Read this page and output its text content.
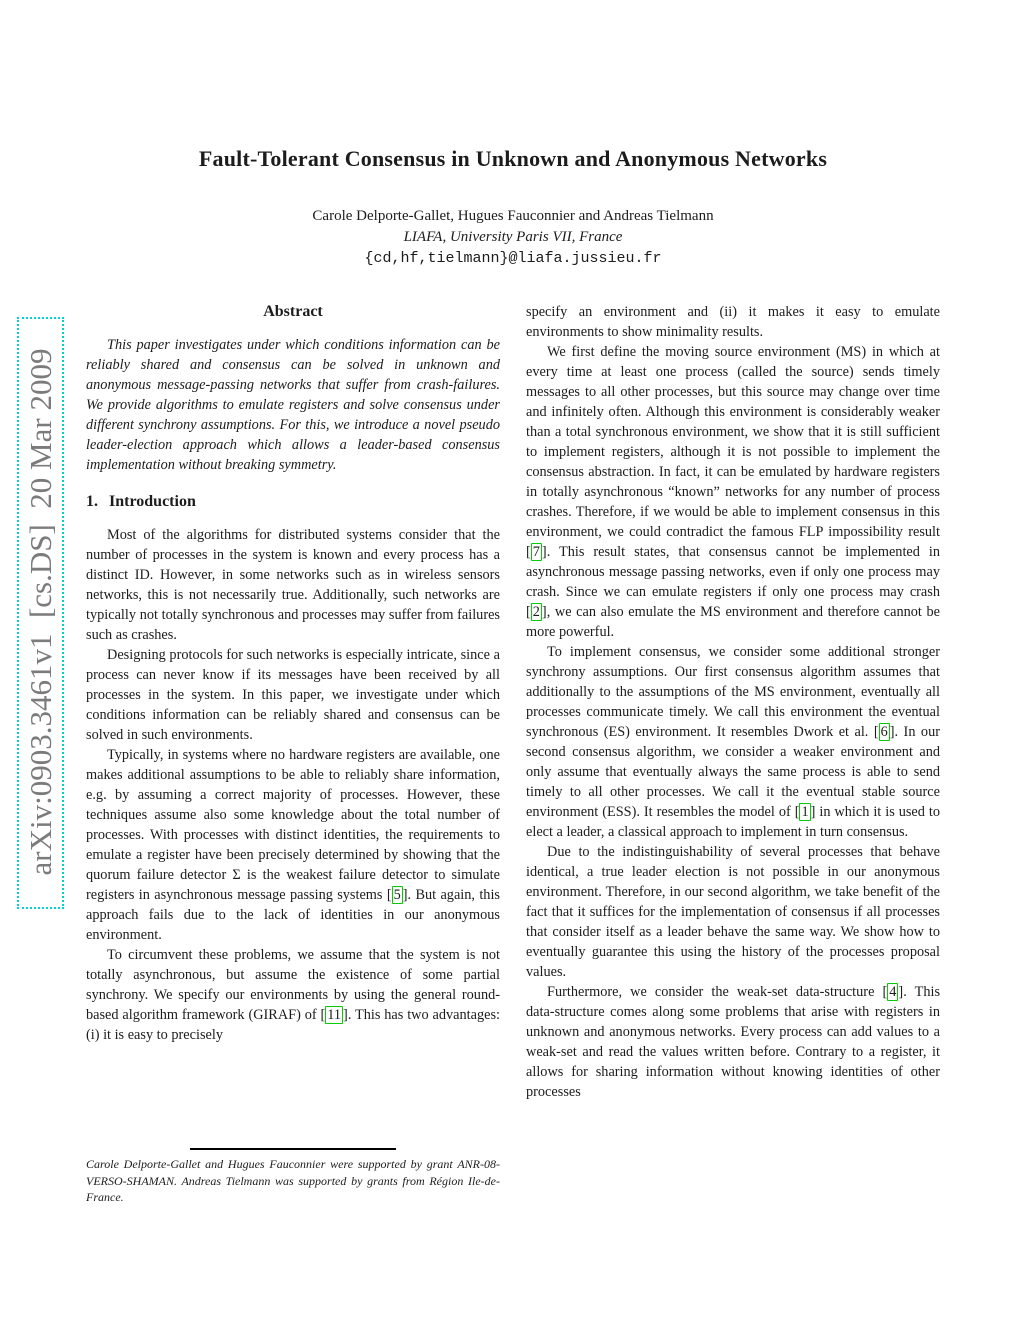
arXiv:0903.3461v1  [cs.DS]  20 Mar 2009
Fault-Tolerant Consensus in Unknown and Anonymous Networks
Carole Delporte-Gallet, Hugues Fauconnier and Andreas Tielmann
LIAFA, University Paris VII, France
{cd,hf,tielmann}@liafa.jussieu.fr
Abstract

This paper investigates under which conditions information can be reliably shared and consensus can be solved in unknown and anonymous message-passing networks that suffer from crash-failures. We provide algorithms to emulate registers and solve consensus under different synchrony assumptions. For this, we introduce a novel pseudo leader-election approach which allows a leader-based consensus implementation without breaking symmetry.

1. Introduction

Most of the algorithms for distributed systems consider that the number of processes in the system is known and every process has a distinct ID. However, in some networks such as in wireless sensors networks, this is not necessarily true. Additionally, such networks are typically not totally synchronous and processes may suffer from failures such as crashes.

Designing protocols for such networks is especially intricate, since a process can never know if its messages have been received by all processes in the system. In this paper, we investigate under which conditions information can be reliably shared and consensus can be solved in such environments.

Typically, in systems where no hardware registers are available, one makes additional assumptions to be able to reliably share information, e.g. by assuming a correct majority of processes. However, these techniques assume also some knowledge about the total number of processes. With processes with distinct identities, the requirements to emulate a register have been precisely determined by showing that the quorum failure detector Σ is the weakest failure detector to simulate registers in asynchronous message passing systems [ 5 ]. But again, this approach fails due to the lack of identities in our anonymous environment.

To circumvent these problems, we assume that the system is not totally asynchronous, but assume the existence of some partial synchrony. We specify our environments by using the general round-based algorithm framework (GIRAF) of [ 11 ]. This has two advantages: (i) it is easy to precisely

Carole Delporte-Gallet and Hugues Fauconnier were supported by grant ANR-08-VERSO-SHAMAN. Andreas Tielmann was supported by grants from Région Ile-de-France.

specify an environment and (ii) it makes it easy to emulate environments to show minimality results.

We first define the moving source environment (MS) in which at every time at least one process (called the source) sends timely messages to all other processes, but this source may change over time and infinitely often. Although this environment is considerably weaker than a total synchronous environment, we show that it is still sufficient to implement registers, although it is not possible to implement the consensus abstraction. In fact, it can be emulated by hardware registers in totally asynchronous “known” networks for any number of process crashes. Therefore, if we would be able to implement consensus in this environment, we could contradict the famous FLP impossibility result [ 7 ]. This result states, that consensus cannot be implemented in asynchronous message passing networks, even if only one process may crash. Since we can emulate registers if only one process may crash [ 2 ], we can also emulate the MS environment and therefore cannot be more powerful.

To implement consensus, we consider some additional stronger synchrony assumptions. Our first consensus algorithm assumes that additionally to the assumptions of the MS environment, eventually all processes communicate timely. We call this environment the eventual synchronous (ES) environment. It resembles Dwork et al. [ 6 ]. In our second consensus algorithm, we consider a weaker environment and only assume that eventually always the same process is able to send timely to all other processes. We call it the eventual stable source environment (ESS). It resembles the model of [ 1 ] in which it is used to elect a leader, a classical approach to implement in turn consensus.

Due to the indistinguishability of several processes that behave identical, a true leader election is not possible in our anonymous environment. Therefore, in our second algorithm, we take benefit of the fact that it suffices for the implementation of consensus if all processes that consider itself as a leader behave the same way. We show how to eventually guarantee this using the history of the processes proposal values.

Furthermore, we consider the weak-set data-structure [ 4 ]. This data-structure comes along some problems that arise with registers in unknown and anonymous networks. Every process can add values to a weak-set and read the values written before. Contrary to a register, it allows for sharing information without knowing identities of other processes
